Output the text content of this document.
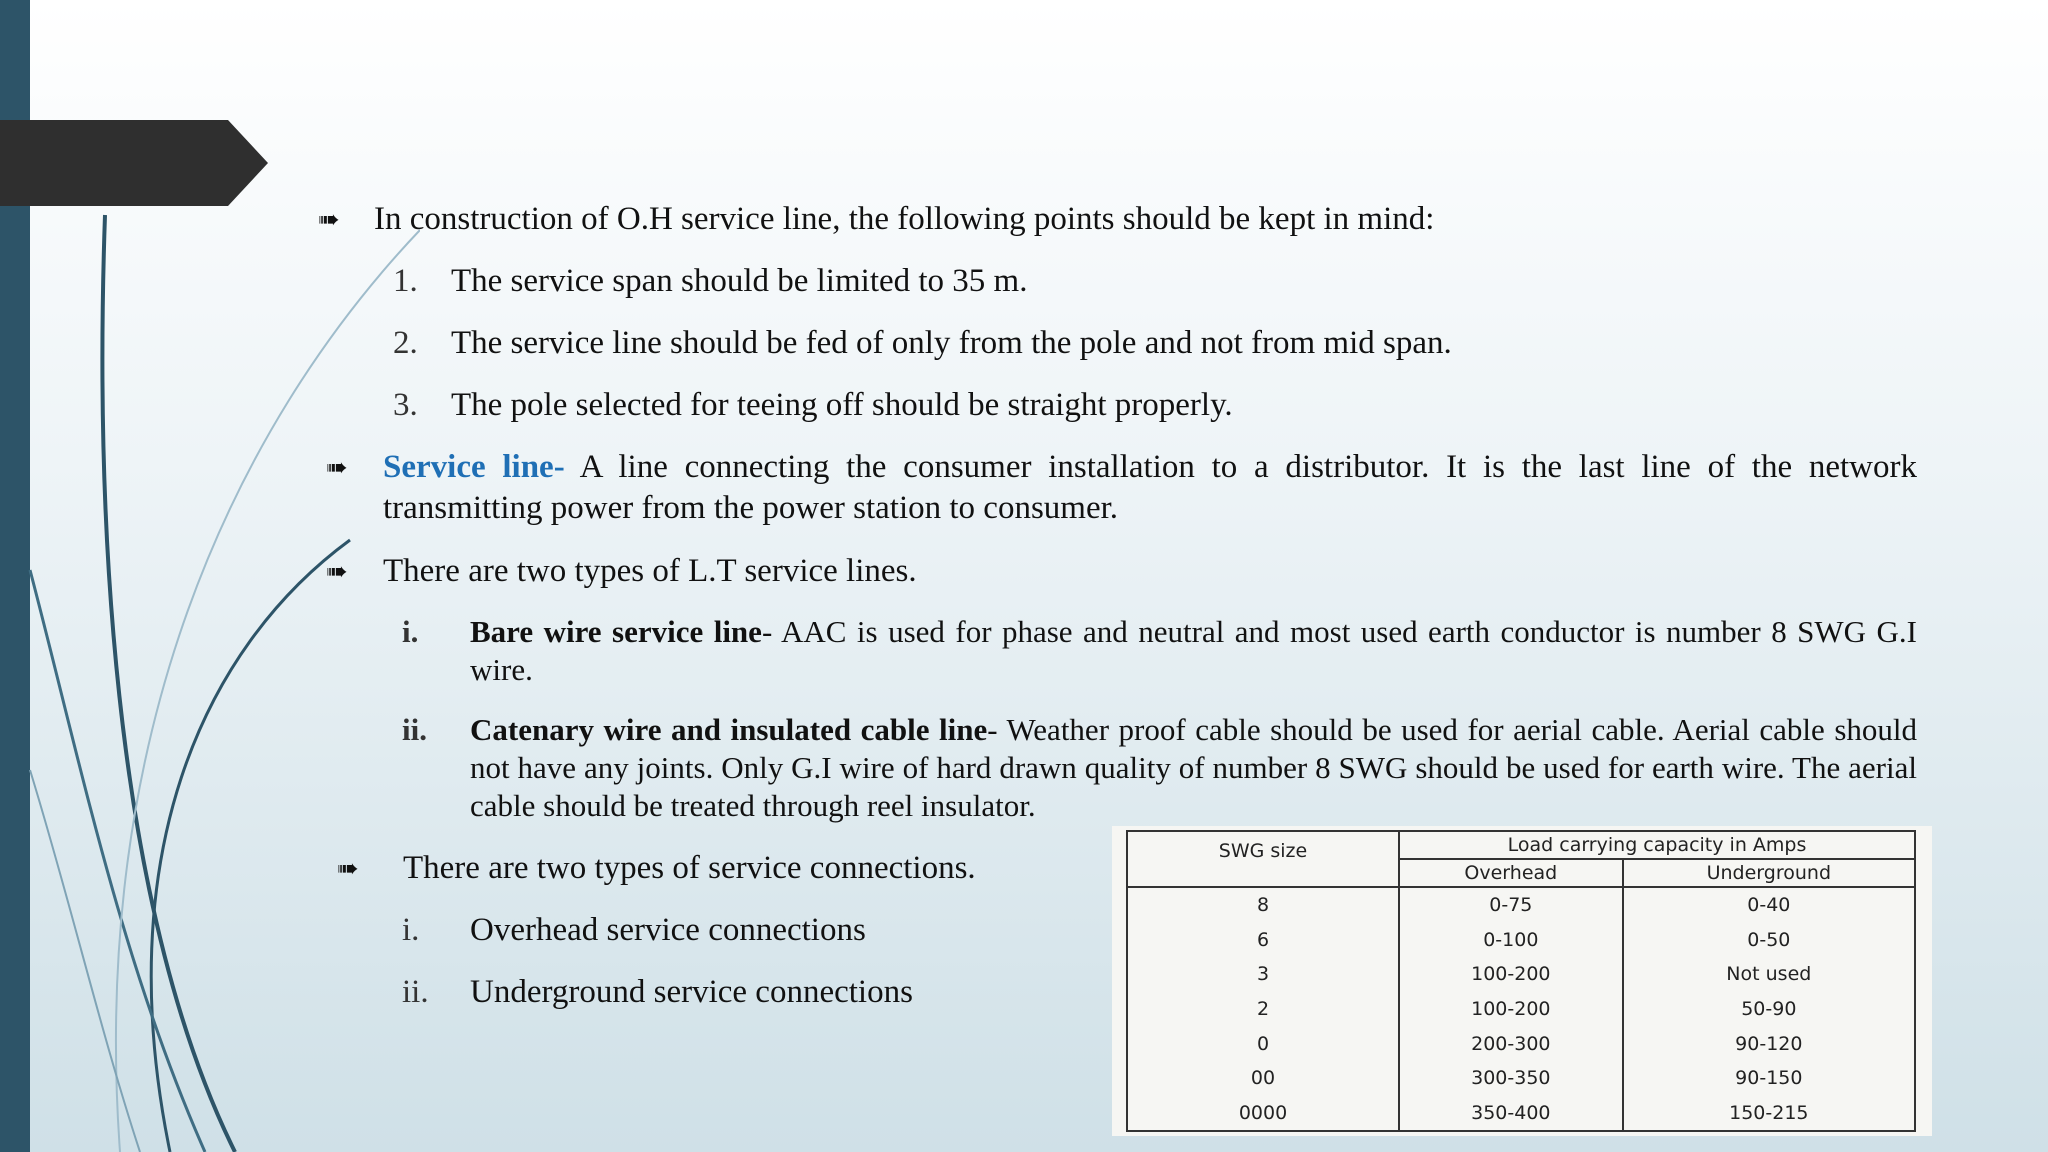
➠ In construction of O.H service line, the following points should be kept in mind:
1. The service span should be limited to 35 m.
2. The service line should be fed of only from the pole and not from mid span.
3. The pole selected for teeing off should be straight properly.
➠ Service line- A line connecting the consumer installation to a distributor. It is the last line of the network transmitting power from the power station to consumer.
➠ There are two types of L.T service lines.
i. Bare wire service line- AAC is used for phase and neutral and most used earth conductor is number 8 SWG G.I wire.
ii. Catenary wire and insulated cable line- Weather proof cable should be used for aerial cable. Aerial cable should not have any joints. Only G.I wire of hard drawn quality of number 8 SWG should be used for earth wire. The aerial cable should be treated through reel insulator.
➠ There are two types of service connections.
i. Overhead service connections
ii. Underground service connections
SWG size	Load carrying capacity in Amps	
	Overhead	Underground
8	0-75	0-40
6	0-100	0-50
3	100-200	Not used
2	100-200	50-90
0	200-300	90-120
00	300-350	90-150
0000	350-400	150-215
